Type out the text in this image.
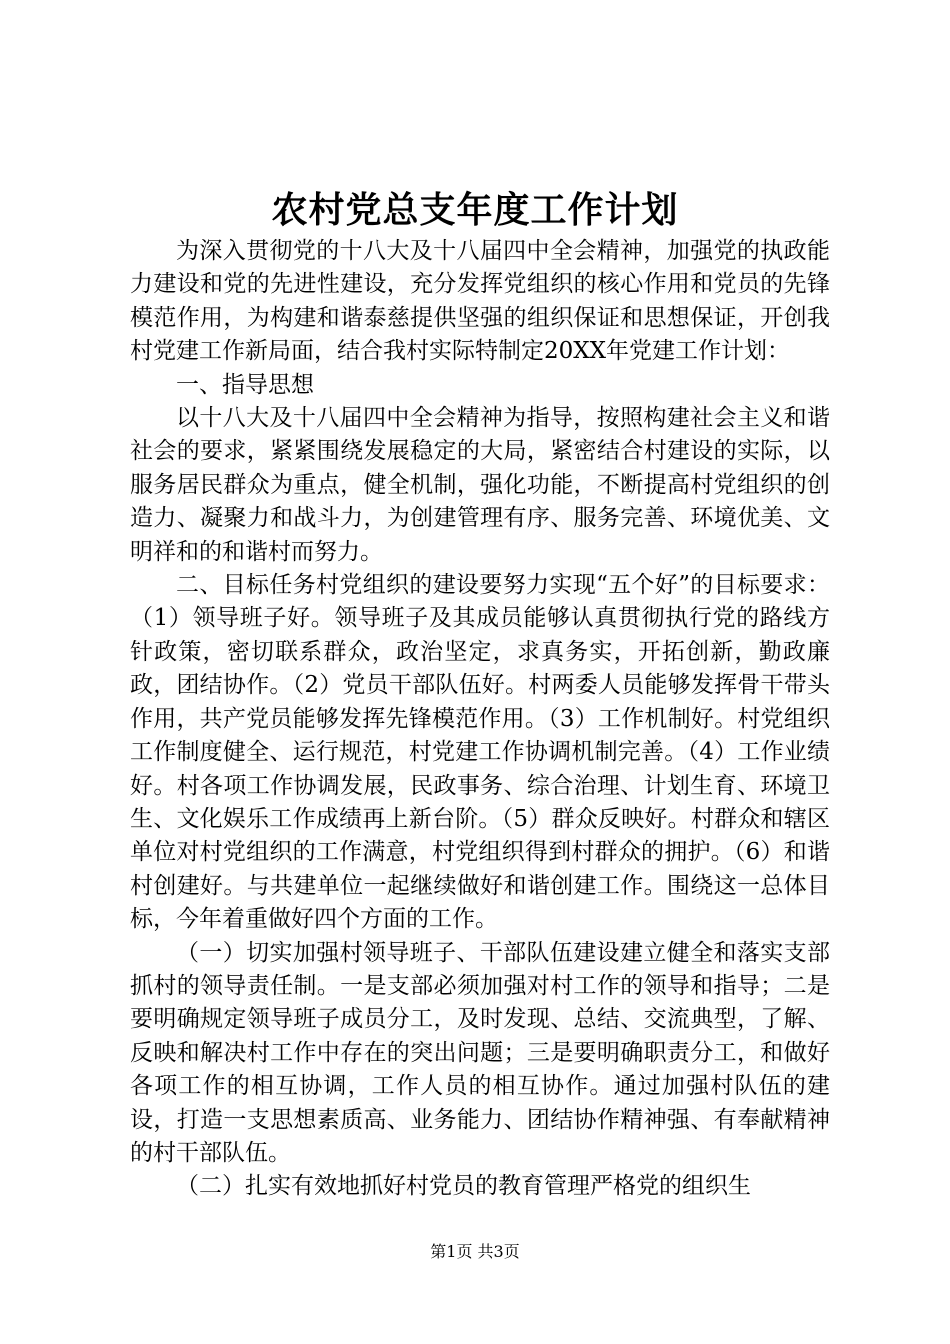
农村党总支年度工作计划

为深入贯彻党的十八大及十八届四中全会精神，加强党的执政能力建设和党的先进性建设，充分发挥党组织的核心作用和党员的先锋模范作用，为构建和谐泰慈提供坚强的组织保证和思想保证，开创我村党建工作新局面，结合我村实际特制定20XX年党建工作计划：

一、指导思想

以十八大及十八届四中全会精神为指导，按照构建社会主义和谐社会的要求，紧紧围绕发展稳定的大局，紧密结合村建设的实际，以服务居民群众为重点，健全机制，强化功能，不断提高村党组织的创造力、凝聚力和战斗力，为创建管理有序、服务完善、环境优美、文明祥和的和谐村而努力。

二、目标任务村党组织的建设要努力实现“五个好”的目标要求：（1）领导班子好。领导班子及其成员能够认真贯彻执行党的路线方针政策，密切联系群众，政治坚定，求真务实，开拓创新，勤政廉政，团结协作。（2）党员干部队伍好。村两委人员能够发挥骨干带头作用，共产党员能够发挥先锋模范作用。（3）工作机制好。村党组织工作制度健全、运行规范，村党建工作协调机制完善。（4）工作业绩好。村各项工作协调发展，民政事务、综合治理、计划生育、环境卫生、文化娱乐工作成绩再上新台阶。（5）群众反映好。村群众和辖区单位对村党组织的工作满意，村党组织得到村群众的拥护。（6）和谐村创建好。与共建单位一起继续做好和谐创建工作。围绕这一总体目标，今年着重做好四个方面的工作。

（一）切实加强村领导班子、干部队伍建设建立健全和落实支部抓村的领导责任制。一是支部必须加强对村工作的领导和指导；二是要明确规定领导班子成员分工，及时发现、总结、交流典型，了解、反映和解决村工作中存在的突出问题；三是要明确职责分工，和做好各项工作的相互协调，工作人员的相互协作。通过加强村队伍的建设，打造一支思想素质高、业务能力、团结协作精神强、有奉献精神的村干部队伍。

（二）扎实有效地抓好村党员的教育管理严格党的组织生

第1页 共3页
